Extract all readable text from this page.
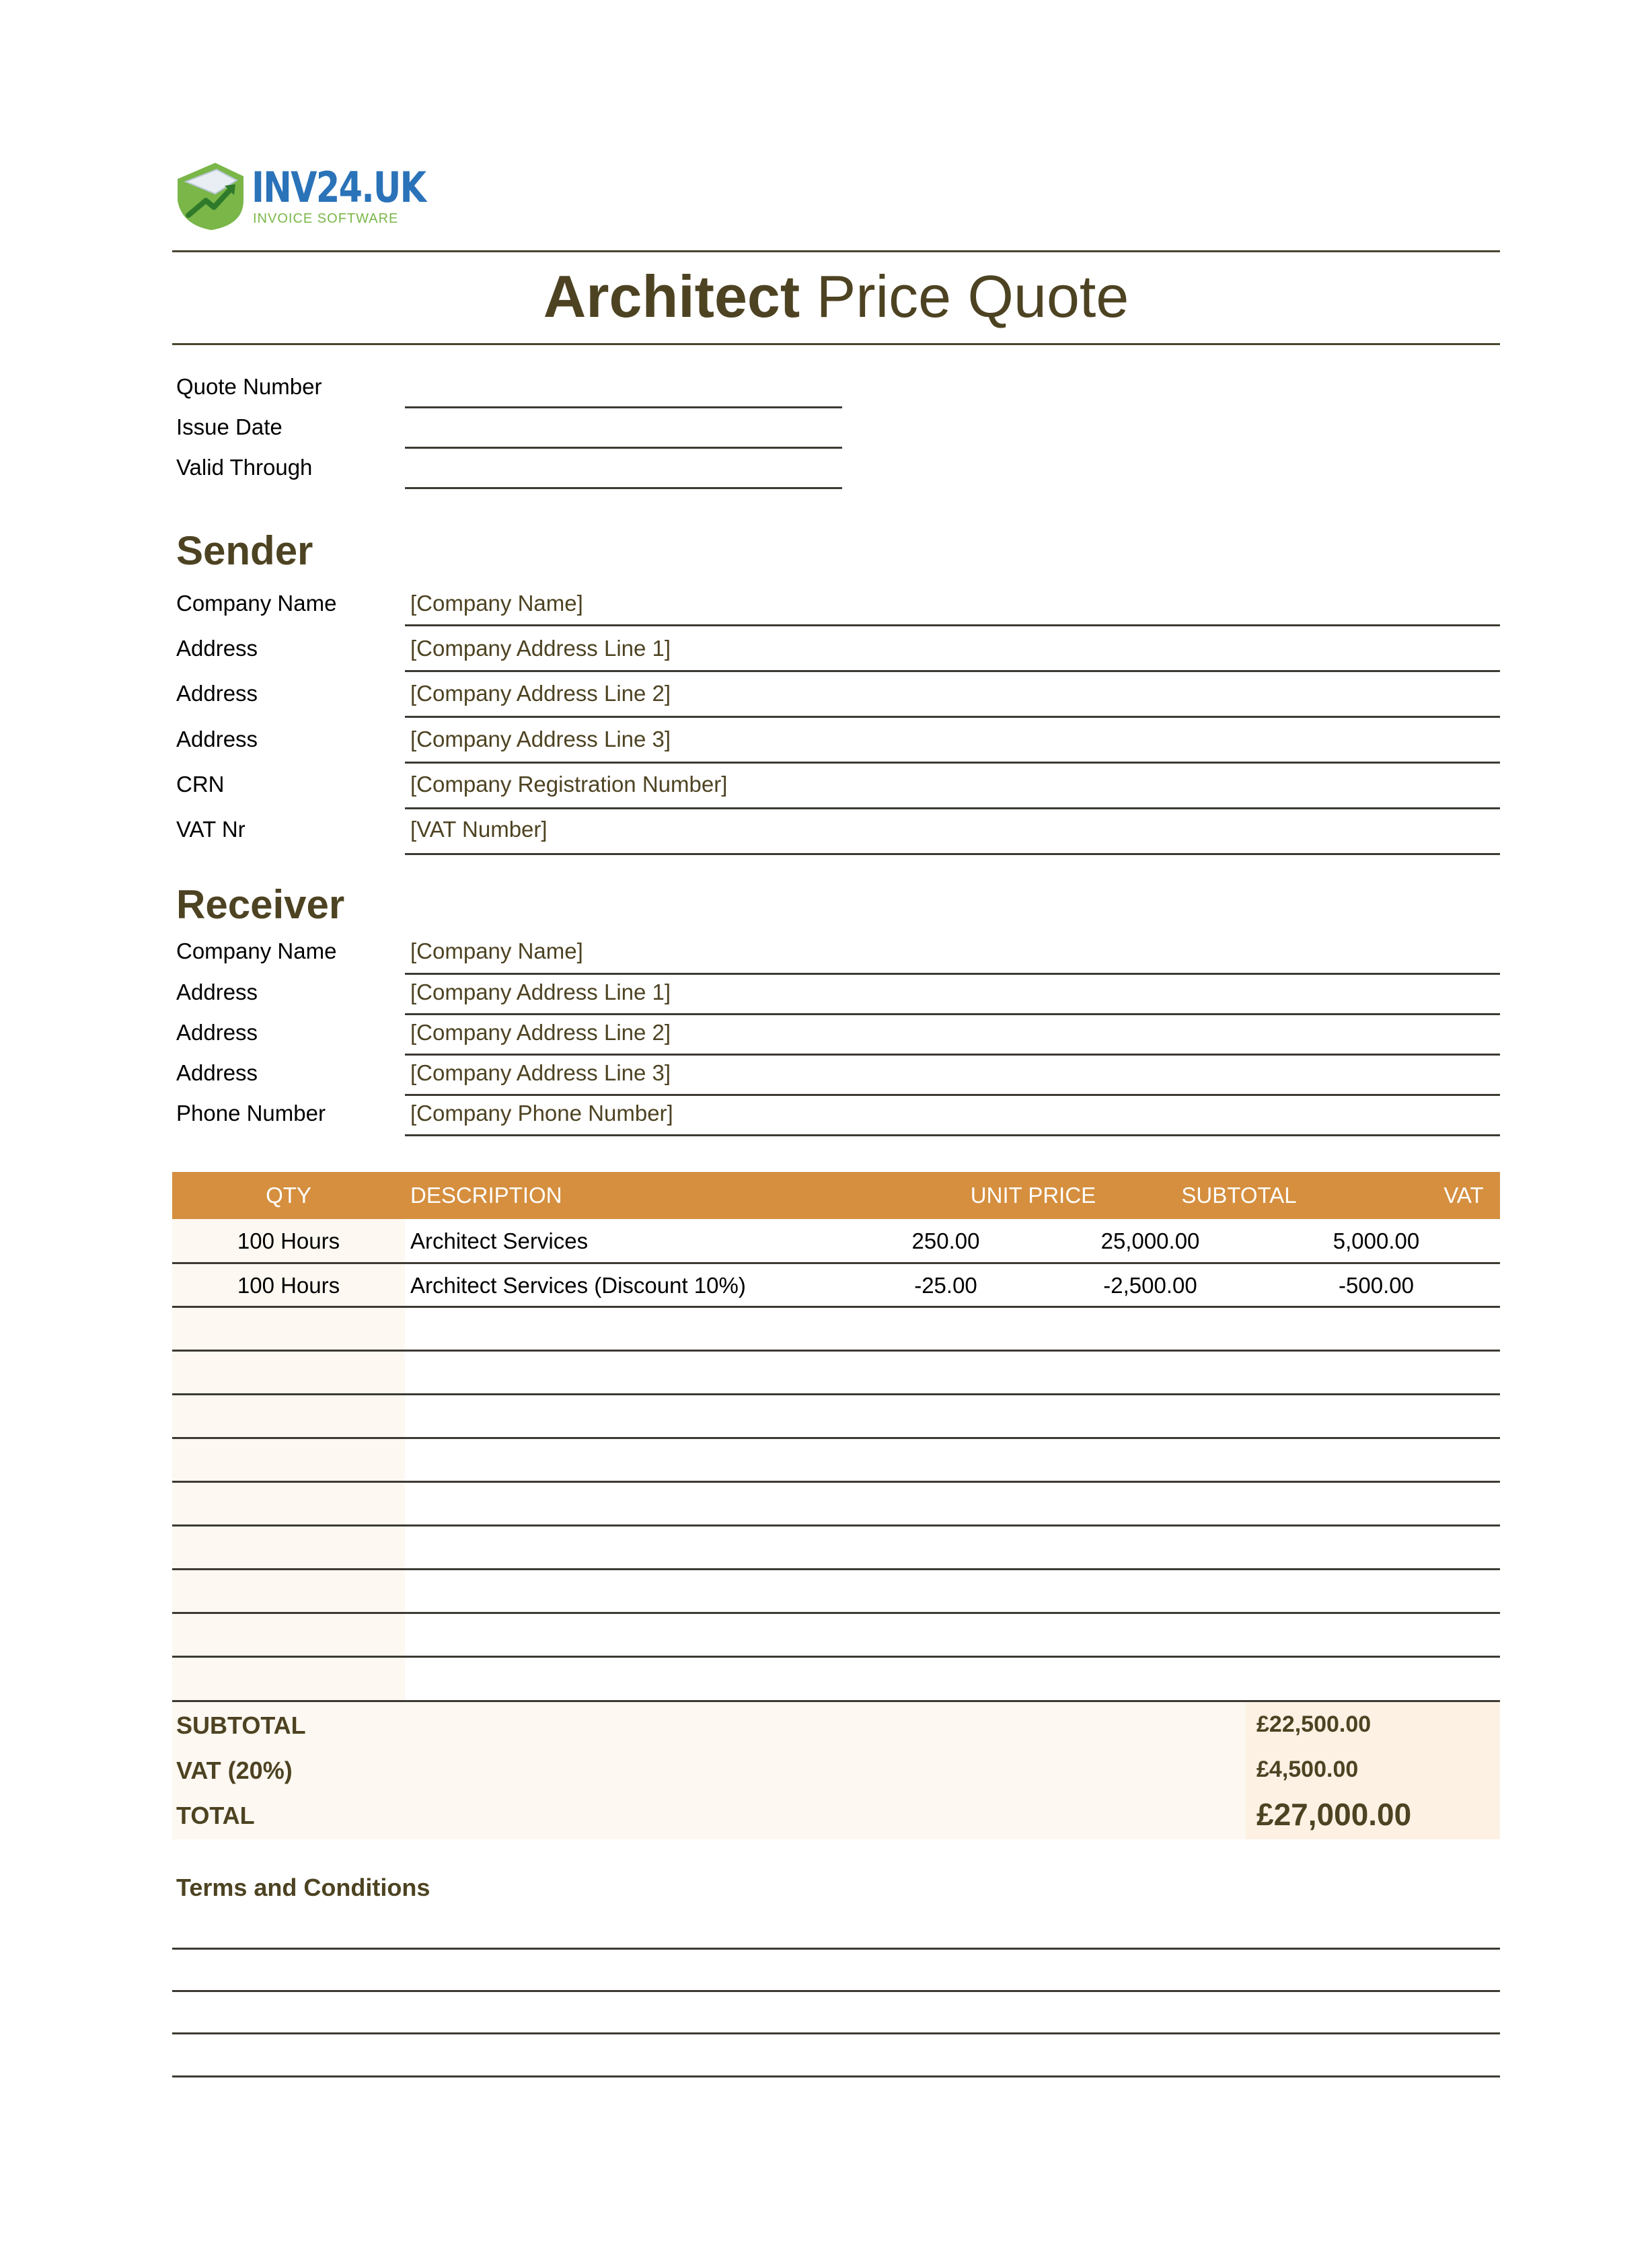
INV24.UK
INVOICE SOFTWARE
Architect Price Quote
Quote Number
Issue Date
Valid Through
Sender
Company Name	[Company Name]
Address	[Company Address Line 1]
Address	[Company Address Line 2]
Address	[Company Address Line 3]
CRN	[Company Registration Number]
VAT Nr	[VAT Number]
Receiver
Company Name	[Company Name]
Address	[Company Address Line 1]
Address	[Company Address Line 2]
Address	[Company Address Line 3]
Phone Number	[Company Phone Number]
QTY	DESCRIPTION	UNIT PRICE	SUBTOTAL	VAT
100 Hours	Architect Services	250.00	25,000.00	5,000.00
100 Hours	Architect Services (Discount 10%)	-25.00	-2,500.00	-500.00
SUBTOTAL	£22,500.00
VAT (20%)	£4,500.00
TOTAL	£27,000.00
Terms and Conditions
